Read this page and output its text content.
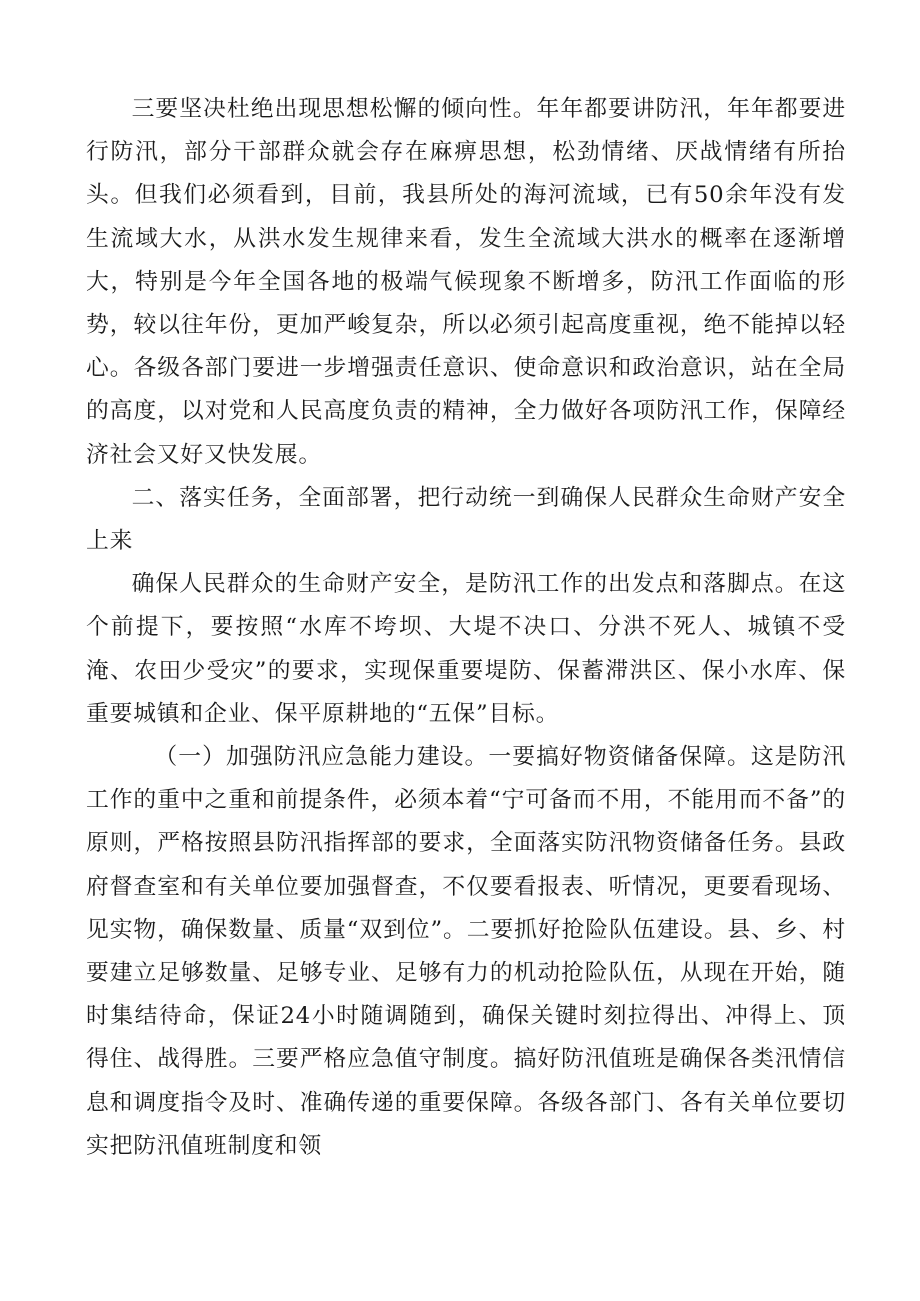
三要坚决杜绝出现思想松懈的倾向性。年年都要讲防汛，年年都要进行防汛，部分干部群众就会存在麻痹思想，松劲情绪、厌战情绪有所抬头。但我们必须看到，目前，我县所处的海河流域，已有50余年没有发生流域大水，从洪水发生规律来看，发生全流域大洪水的概率在逐渐增大，特别是今年全国各地的极端气候现象不断增多，防汛工作面临的形势，较以往年份，更加严峻复杂，所以必须引起高度重视，绝不能掉以轻心。各级各部门要进一步增强责任意识、使命意识和政治意识，站在全局的高度，以对党和人民高度负责的精神，全力做好各项防汛工作，保障经济社会又好又快发展。

二、落实任务，全面部署，把行动统一到确保人民群众生命财产安全上来

确保人民群众的生命财产安全，是防汛工作的出发点和落脚点。在这个前提下，要按照“水库不垮坝、大堤不决口、分洪不死人、城镇不受淹、农田少受灾”的要求，实现保重要堤防、保蓄滞洪区、保小水库、保重要城镇和企业、保平原耕地的“五保”目标。

（一）加强防汛应急能力建设。一要搞好物资储备保障。这是防汛工作的重中之重和前提条件，必须本着“宁可备而不用，不能用而不备”的原则，严格按照县防汛指挥部的要求，全面落实防汛物资储备任务。县政府督查室和有关单位要加强督查，不仅要看报表、听情况，更要看现场、见实物，确保数量、质量“双到位”。二要抓好抢险队伍建设。县、乡、村要建立足够数量、足够专业、足够有力的机动抢险队伍，从现在开始，随时集结待命，保证24小时随调随到，确保关键时刻拉得出、冲得上、顶得住、战得胜。三要严格应急值守制度。搞好防汛值班是确保各类汛情信息和调度指令及时、准确传递的重要保障。各级各部门、各有关单位要切实把防汛值班制度和领
